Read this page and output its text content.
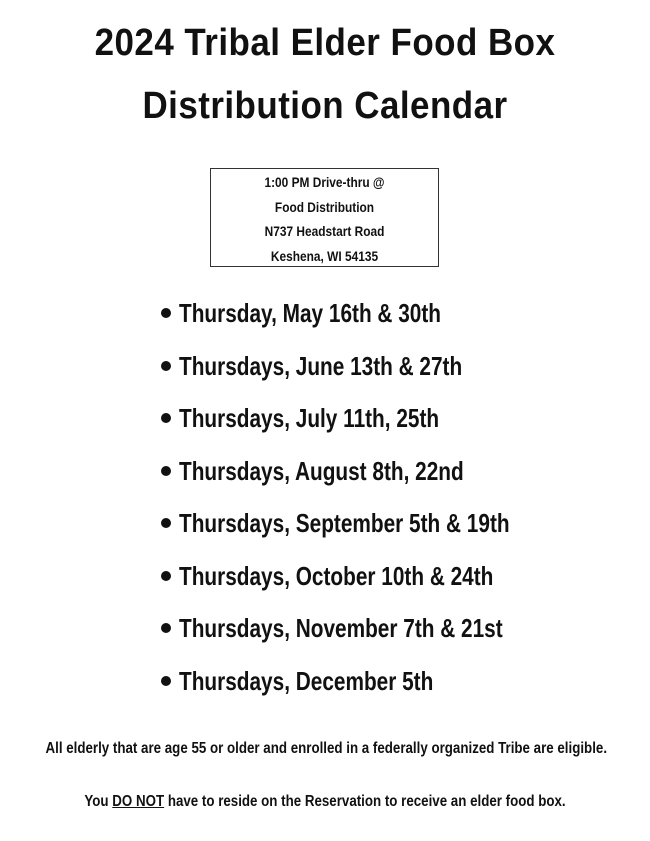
2024 Tribal Elder Food Box
Distribution Calendar
1:00 PM Drive-thru @
Food Distribution
N737 Headstart Road
Keshena, WI 54135
Thursday, May 16th & 30th
Thursdays, June 13th & 27th
Thursdays, July 11th, 25th
Thursdays, August 8th, 22nd
Thursdays, September 5th & 19th
Thursdays, October 10th & 24th
Thursdays, November 7th & 21st
Thursdays, December 5th
All elderly that are age 55 or older and enrolled in a federally organized Tribe are eligible.
You DO NOT have to reside on the Reservation to receive an elder food box.
